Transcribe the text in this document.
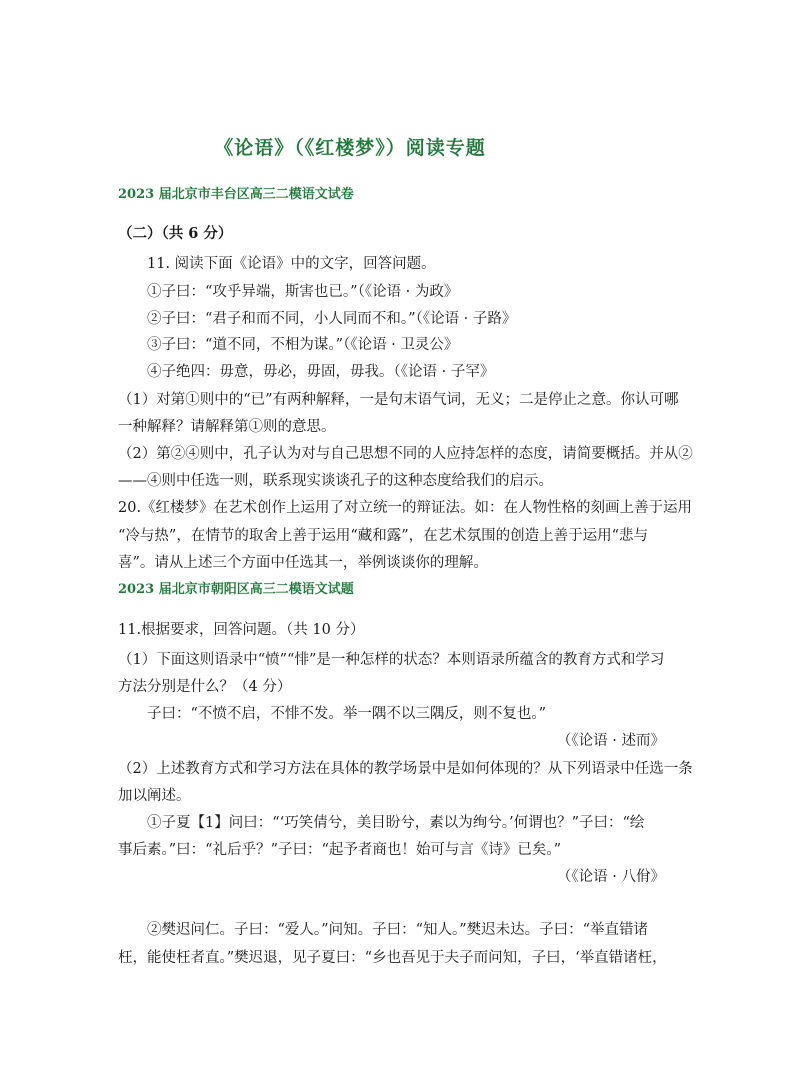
《论语》（《红楼梦》）阅读专题
2023 届北京市丰台区高三二模语文试卷
（二）（共 6 分）
11. 阅读下面《论语》中的文字，回答问题。
①子曰：“攻乎异端，斯害也已。”（《论语 · 为政》
②子曰：“君子和而不同，小人同而不和。”（《论语 · 子路》
③子曰：“道不同，不相为谋。”（《论语 · 卫灵公》
④子绝四：毋意，毋必，毋固，毋我。（《论语 · 子罕》
（1）对第①则中的“已”有两种解释，一是句末语气词，无义；二是停止之意。你认可哪
一种解释？请解释第①则的意思。
（2）第②④则中，孔子认为对与自己思想不同的人应持怎样的态度，请简要概括。并从②
——④则中任选一则，联系现实谈谈孔子的这种态度给我们的启示。
20.《红楼梦》在艺术创作上运用了对立统一的辩证法。如：在人物性格的刻画上善于运用
“冷与热”，在情节的取舍上善于运用“藏和露”，在艺术氛围的创造上善于运用“悲与
喜”。请从上述三个方面中任选其一，举例谈谈你的理解。
2023 届北京市朝阳区高三二模语文试题
11.根据要求，回答问题。（共 10 分）
（1）下面这则语录中“愤”“悱”是一种怎样的状态？本则语录所蕴含的教育方式和学习
方法分别是什么？（4 分）
子曰：“不愤不启，不悱不发。举一隅不以三隅反，则不复也。”
（《论语 · 述而》
（2）上述教育方式和学习方法在具体的教学场景中是如何体现的？从下列语录中任选一条
加以阐述。
①子夏【1】问曰：“‘巧笑倩兮，美目盼兮，素以为绚兮。’何谓也？”子曰：“绘
事后素。”曰：“礼后乎？”子曰：“起予者商也！始可与言《诗》已矣。”
（《论语 · 八佾》
②樊迟问仁。子曰：“爱人。”问知。子曰：“知人。”樊迟未达。子曰：“举直错诸
枉，能使枉者直。”樊迟退，见子夏曰：“乡也吾见于夫子而问知，子曰，‘举直错诸枉，
